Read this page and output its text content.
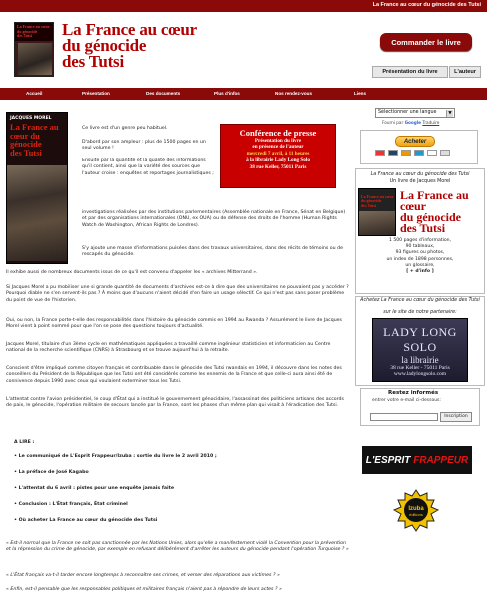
La France au cœur du génocide des Tutsi
La France au cœur
du génocide
des Tutsi	La France au cœur
du génocide
des Tutsi
Commander le livre
Présentation du livre	L'auteur
Accueil	Présentation	Des documents	Plus d'infos	Nos rendez-vous	Liens
JACQUES MOREL
La France au
cœur du génocide
des Tutsi
Ce livre est d'un genre peu habituel.
D'abord par son ampleur : plus de 1500 pages en un seul volume !
Ensuite par la quantité et la qualité des informations qu'il contient, ainsi que la variété des sources que l'auteur croise : enquêtes et reportages journalistiques ;
investigations réalisées par des institutions parlementaires (Assemblée nationale en France, Sénat en Belgique) et par des organisations internationales (ONU, ex OUA) ou de défense des droits de l'homme (Human Rights Watch de Washington, African Rights de Londres).
S'y ajoute une masse d'informations puisées dans des travaux universitaires, dans des récits de témoins ou de rescapés du génocide.
Conférence de presse
Présentation du livre
en présence de l'auteur
mercredi 7 avril, à 11 heures
à la librairie Lady Long Solo
38 rue Keller, 75011 Paris
Il exhibe aussi de nombreux documents issus de ce qu'il est convenu d'appeler les « archives Mitterrand ».
Si Jacques Morel a pu mobiliser une si grande quantité de documents d'archives est-ce à dire que des universitaires ne pouvaient pas y accéder ? Pourquoi diable ne s'en servent-ils pas ? À moins que d'aucuns n'aient décidé d'en faire un usage sélectif. Ce qui n'est pas sans poser problème du point de vue de l'historien.
Oui, ou non, la France porte-t-elle des responsabilités dans l'histoire du génocide commis en 1994 au Rwanda ? Assurément le livre de Jacques Morel vient à point nommé pour que l'on se pose des questions toujours d'actualité.
Jacques Morel, titulaire d'un 3ème cycle en mathématiques appliquées a travaillé comme ingénieur statisticien et informaticien au Centre national de la recherche scientifique (CNRS) à Strasbourg et se trouve aujourd'hui à la retraite.
Conscient d'être impliqué comme citoyen français et contribuable dans le génocide des Tutsi rwandais en 1994, il découvre dans les notes des conseillers du Président de la République que les Tutsi ont été considérés comme les ennemis de la France et que celle-ci aura ainsi été de connivence depuis 1990 avec ceux qui voulaient exterminer tous les Tutsi.
L'attentat contre l'avion présidentiel, le coup d'État qui a institué le gouvernement génocidaire, l'assassinat des politiciens artisans des accords de paix, le génocide, l'opération militaire de secours lancée par la France, sont les phases d'un même plan qui visait à l'éradication des Tutsi.
A LIRE :
• Le communiqué de L'Esprit Frappeur/Izuba : sortie du livre le 2 avril 2010 ;
• La préface de José Kagabo
• L'attentat du 6 avril : pistes pour une enquête jamais faite
• Conclusion : L'État français, État criminel
• Où acheter La France au cœur du génocide des Tutsi
« Est-il normal que la France ne soit pas sanctionnée par les Nations Unies, alors qu'elle a manifestement violé la Convention pour la prévention et la répression du crime de génocide, par exemple en refusant délibérément d'arrêter les auteurs du génocide pendant l'opération Turquoise ? »
« L'État français va-t-il tarder encore longtemps à reconnaître ses crimes, et verser des réparations aux victimes ? »
« Enfin, est-il pensable que les responsables politiques et militaires français n'aient pas à répondre de leurs actes ? »
Sélectionner une langue	▼
Fourni par Google Traduire
Acheter
La France au cœur du génocide des Tutsi
Un livre de Jacques Morel
La France au cœur
du génocide
des Tutsi
La France au cœur
du génocide
des Tutsi
1 500 pages d'information,
90 tableaux,
93 figures ou photos,
un index de 1898 personnes,
un glossaire,
[ + d'info ]
Achetez La France au cœur du génocide des Tutsi
sur le site de notre partenaire:
LADY LONG SOLO
la librairie
38 rue Keller - 75011 Paris
www.ladylongsolo.com
Restez informés
entrer votre e-mail ci-dessous:
Inscription
L'ESPRIT
FRAPPEUR
Izuba
éditions
